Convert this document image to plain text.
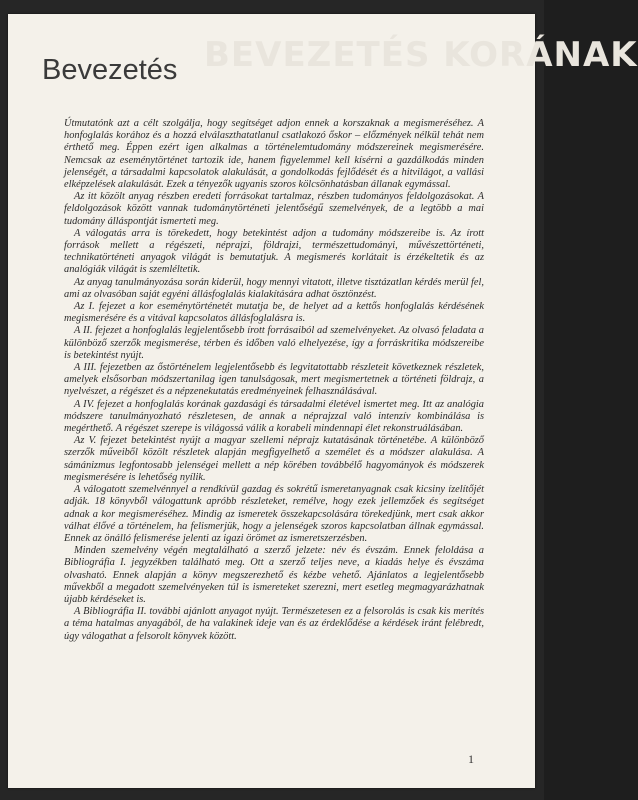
BEVEZETÉS KORÁNAK
Bevezetés

Útmutatónk azt a célt szolgálja, hogy segítséget adjon ennek a korszaknak a megismeréséhez. A honfoglalás korához és a hozzá elválaszthatatlanul csatlakozó őskor – előzmények nélkül tehát nem érthető meg. Éppen ezért igen alkalmas a történelemtudomány módszereinek megismerésére. Nemcsak az eseménytörténet tartozik ide, hanem figyelemmel kell kísérni a gazdálkodás minden jelenségét, a társadalmi kapcsolatok alakulását, a gondolkodás fejlődését és a hitvilágot, a vallási elképzelések alakulását. Ezek a tényezők ugyanis szoros kölcsönhatásban állanak egymással.

Az itt közölt anyag részben eredeti forrásokat tartalmaz, részben tudományos feldolgozásokat. A feldolgozások között vannak tudománytörténeti jelentőségű szemelvények, de a legtöbb a mai tudomány álláspontját ismerteti meg.

A válogatás arra is törekedett, hogy betekintést adjon a tudomány módszereibe is. Az írott források mellett a régészeti, néprajzi, földrajzi, természettudományi, művészettörténeti, technikatörténeti anyagok világát is bemutatjuk. A megismerés korlátait is érzékeltetik és az analógiák világát is szemléltetik.

Az anyag tanulmányozása során kiderül, hogy mennyi vitatott, illetve tisztázatlan kérdés merül fel, ami az olvasóban saját egyéni állásfoglalás kialakítására adhat ösztönzést.

Az I. fejezet a kor eseménytörténetét mutatja be, de helyet ad a kettős honfoglalás kérdésének megismerésére és a vitával kapcsolatos állásfoglalásra is.

A II. fejezet a honfoglalás legjelentősebb írott forrásaiból ad szemelvényeket. Az olvasó feladata a különböző szerzők megismerése, térben és időben való elhelyezése, így a forráskritika módszereibe is betekintést nyújt.

A III. fejezetben az őstörténelem legjelentősebb és legvitatottabb részleteit következnek részletek, amelyek elsősorban módszertanilag igen tanulságosak, mert megismertetnek a történeti földrajz, a nyelvészet, a régészet és a népzenekutatás eredményeinek felhasználásával.

A IV. fejezet a honfoglalás korának gazdasági és társadalmi életével ismertet meg. Itt az analógia módszere tanulmányozható részletesen, de annak a néprajzzal való intenzív kombinálása is megérthető. A régészet szerepe is világossá válik a korabeli mindennapi élet rekonstruálásában.

Az V. fejezet betekintést nyújt a magyar szellemi néprajz kutatásának történetébe. A különböző szerzők műveiből közölt részletek alapján megfigyelhető a személet és a módszer alakulása. A sámánizmus legfontosabb jelenségei mellett a nép körében továbbélő hagyományok és módszerek megismerésére is lehetőség nyílik.

A válogatott szemelvénnyel a rendkívül gazdag és sokrétű ismeretanyagnak csak kicsiny ízelítőjét adják. 18 könyvből válogattunk apróbb részleteket, remélve, hogy ezek jellemzőek és segítséget adnak a kor megismeréséhez. Mindig az ismeretek összekapcsolására törekedjünk, mert csak akkor válhat élővé a történelem, ha felismerjük, hogy a jelenségek szoros kapcsolatban állnak egymással. Ennek az önálló felismerése jelenti az igazi örömet az ismeretszerzésben.

Minden szemelvény végén megtalálható a szerző jelzete: név és évszám. Ennek feloldása a Bibliográfia I. jegyzékben található meg. Ott a szerző teljes neve, a kiadás helye és évszáma olvasható. Ennek alapján a könyv megszerezhető és kézbe vehető. Ajánlatos a legjelentősebb művekből a megadott szemelvényeken túl is ismereteket szerezni, mert esetleg megmagyarázhatnak újabb kérdéseket is.

A Bibliográfia II. további ajánlott anyagot nyújt. Természetesen ez a felsorolás is csak kis merítés a téma hatalmas anyagából, de ha valakinek ideje van és az érdeklődése a kérdések iránt felébredt, úgy válogathat a felsorolt könyvek között.

1
